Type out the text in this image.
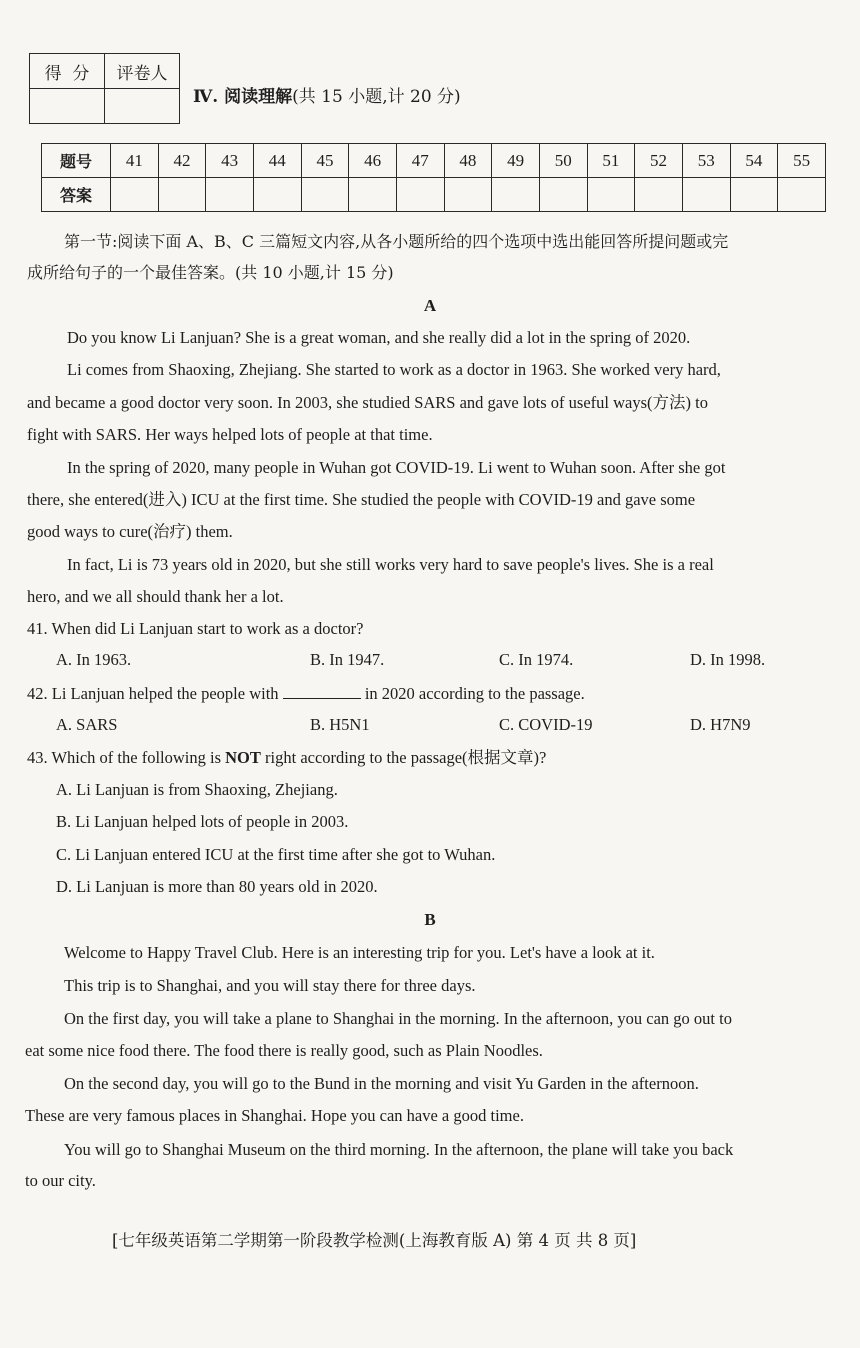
得  分	评卷人

Ⅳ. 阅读理解(共 15 小题,计 20 分)
题号	41	42	43	44	45	46	47	48	49	50	51	52	53	54	55
答案															
第一节:阅读下面 A、B、C 三篇短文内容,从各小题所给的四个选项中选出能回答所提问题或完
成所给句子的一个最佳答案。(共 10 小题,计 15 分)
A
Do you know Li Lanjuan? She is a great woman, and she really did a lot in the spring of 2020.
Li comes from Shaoxing, Zhejiang. She started to work as a doctor in 1963. She worked very hard,
and became a good doctor very soon. In 2003, she studied SARS and gave lots of useful ways(方法) to
fight with SARS. Her ways helped lots of people at that time.
In the spring of 2020, many people in Wuhan got COVID-19. Li went to Wuhan soon. After she got
there, she entered(进入) ICU at the first time. She studied the people with COVID-19 and gave some
good ways to cure(治疗) them.
In fact, Li is 73 years old in 2020, but she still works very hard to save people's lives. She is a real
hero, and we all should thank her a lot.
41. When did Li Lanjuan start to work as a doctor?
A. In 1963.	B. In 1947.	C. In 1974.	D. In 1998.
42. Li Lanjuan helped the people with	in 2020 according to the passage.
A. SARS	B. H5N1	C. COVID-19	D. H7N9
43. Which of the following is NOT right according to the passage(根据文章)?
A. Li Lanjuan is from Shaoxing, Zhejiang.
B. Li Lanjuan helped lots of people in 2003.
C. Li Lanjuan entered ICU at the first time after she got to Wuhan.
D. Li Lanjuan is more than 80 years old in 2020.
B
Welcome to Happy Travel Club. Here is an interesting trip for you. Let's have a look at it.
This trip is to Shanghai, and you will stay there for three days.
On the first day, you will take a plane to Shanghai in the morning. In the afternoon, you can go out to
eat some nice food there. The food there is really good, such as Plain Noodles.
On the second day, you will go to the Bund in the morning and visit Yu Garden in the afternoon.
These are very famous places in Shanghai. Hope you can have a good time.
You will go to Shanghai Museum on the third morning. In the afternoon, the plane will take you back
to our city.
[七年级英语第二学期第一阶段教学检测(上海教育版 A) 第 4 页 共 8 页]
